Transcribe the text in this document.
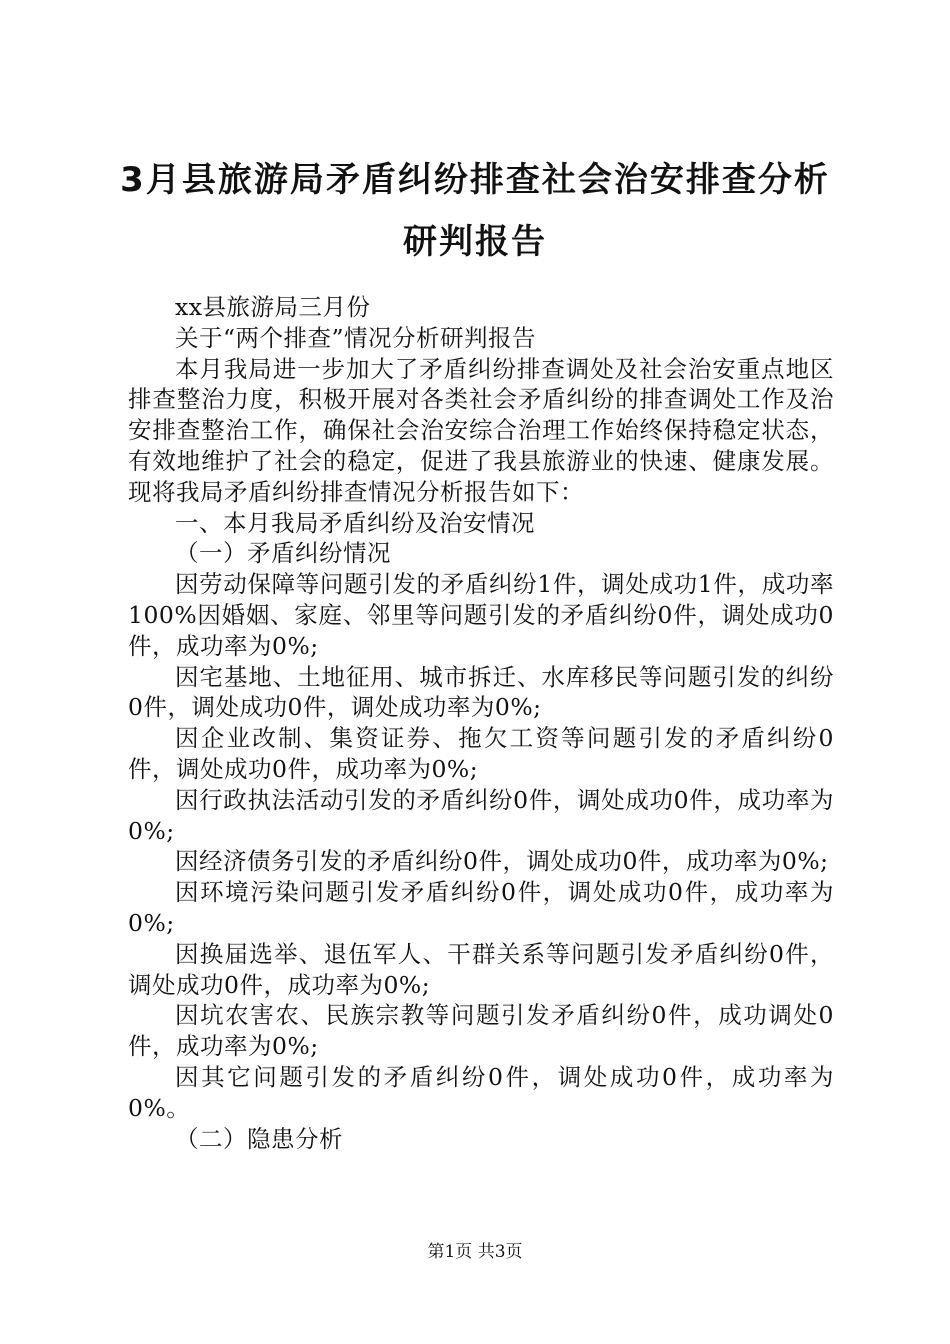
3月县旅游局矛盾纠纷排查社会治安排查分析
研判报告

xx县旅游局三月份

关于“两个排查”情况分析研判报告

本月我局进一步加大了矛盾纠纷排查调处及社会治安重点地区排查整治力度，积极开展对各类社会矛盾纠纷的排查调处工作及治安排查整治工作，确保社会治安综合治理工作始终保持稳定状态，有效地维护了社会的稳定，促进了我县旅游业的快速、健康发展。现将我局矛盾纠纷排查情况分析报告如下：

一、本月我局矛盾纠纷及治安情况

（一）矛盾纠纷情况

因劳动保障等问题引发的矛盾纠纷1件，调处成功1件，成功率100%因婚姻、家庭、邻里等问题引发的矛盾纠纷0件，调处成功0件，成功率为0%;

因宅基地、土地征用、城市拆迁、水库移民等问题引发的纠纷0件，调处成功0件，调处成功率为0%;

因企业改制、集资证券、拖欠工资等问题引发的矛盾纠纷0件，调处成功0件，成功率为0%;

因行政执法活动引发的矛盾纠纷0件，调处成功0件，成功率为0%;

因经济债务引发的矛盾纠纷0件，调处成功0件，成功率为0%;

因环境污染问题引发矛盾纠纷0件，调处成功0件，成功率为0%;

因换届选举、退伍军人、干群关系等问题引发矛盾纠纷0件，调处成功0件，成功率为0%;

因坑农害农、民族宗教等问题引发矛盾纠纷0件，成功调处0件，成功率为0%;

因其它问题引发的矛盾纠纷0件，调处成功0件，成功率为0%。

（二）隐患分析

第1页 共3页
